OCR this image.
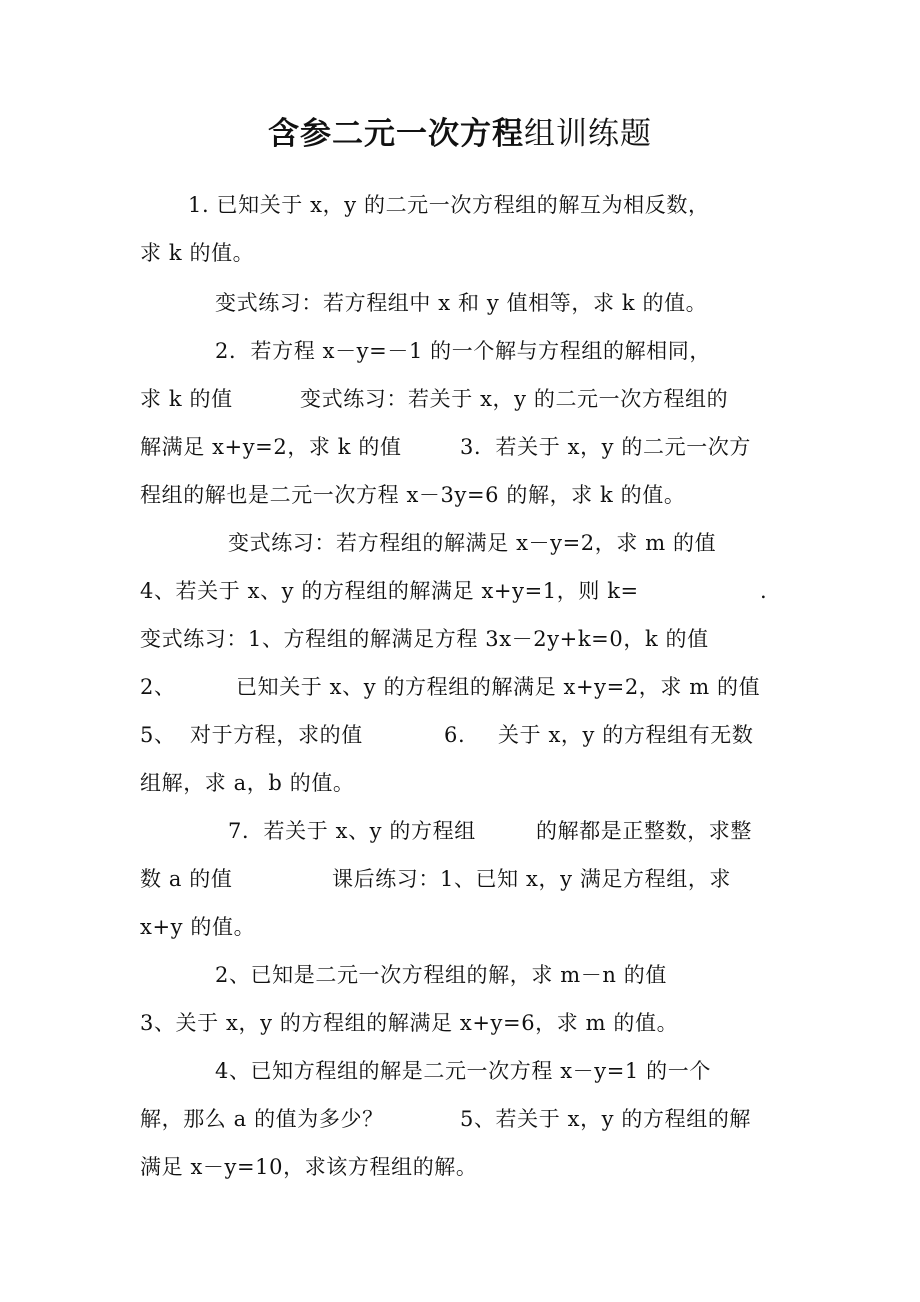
含参二元一次方程组训练题
1. 已知关于 x，y 的二元一次方程组的解互为相反数，
求 k 的值。
变式练习：若方程组中 x 和 y 值相等，求 k 的值。
2．若方程 x－y=－1 的一个解与方程组的解相同，
求 k 的值	变式练习：若关于 x，y 的二元一次方程组的
解满足 x+y=2，求 k 的值	3．若关于 x，y 的二元一次方
程组的解也是二元一次方程 x－3y=6 的解，求 k 的值。
变式练习：若方程组的解满足 x－y=2，求 m 的值
4、若关于 x、y 的方程组的解满足 x+y=1，则 k=	.
变式练习：1、方程组的解满足方程 3x－2y+k=0，k 的值
2、	已知关于 x、y 的方程组的解满足 x+y=2，求 m 的值
5、 对于方程，求的值	6. 关于 x，y 的方程组有无数
组解，求 a，b 的值。
7．若关于 x、y 的方程组	的解都是正整数，求整
数 a 的值	课后练习：1、已知 x，y 满足方程组，求
x+y 的值。
2、已知是二元一次方程组的解，求 m－n 的值
3、关于 x，y 的方程组的解满足 x+y=6，求 m 的值。
4、已知方程组的解是二元一次方程 x－y=1 的一个
解，那么 a 的值为多少？	5、若关于 x，y 的方程组的解
满足 x－y=10，求该方程组的解。
